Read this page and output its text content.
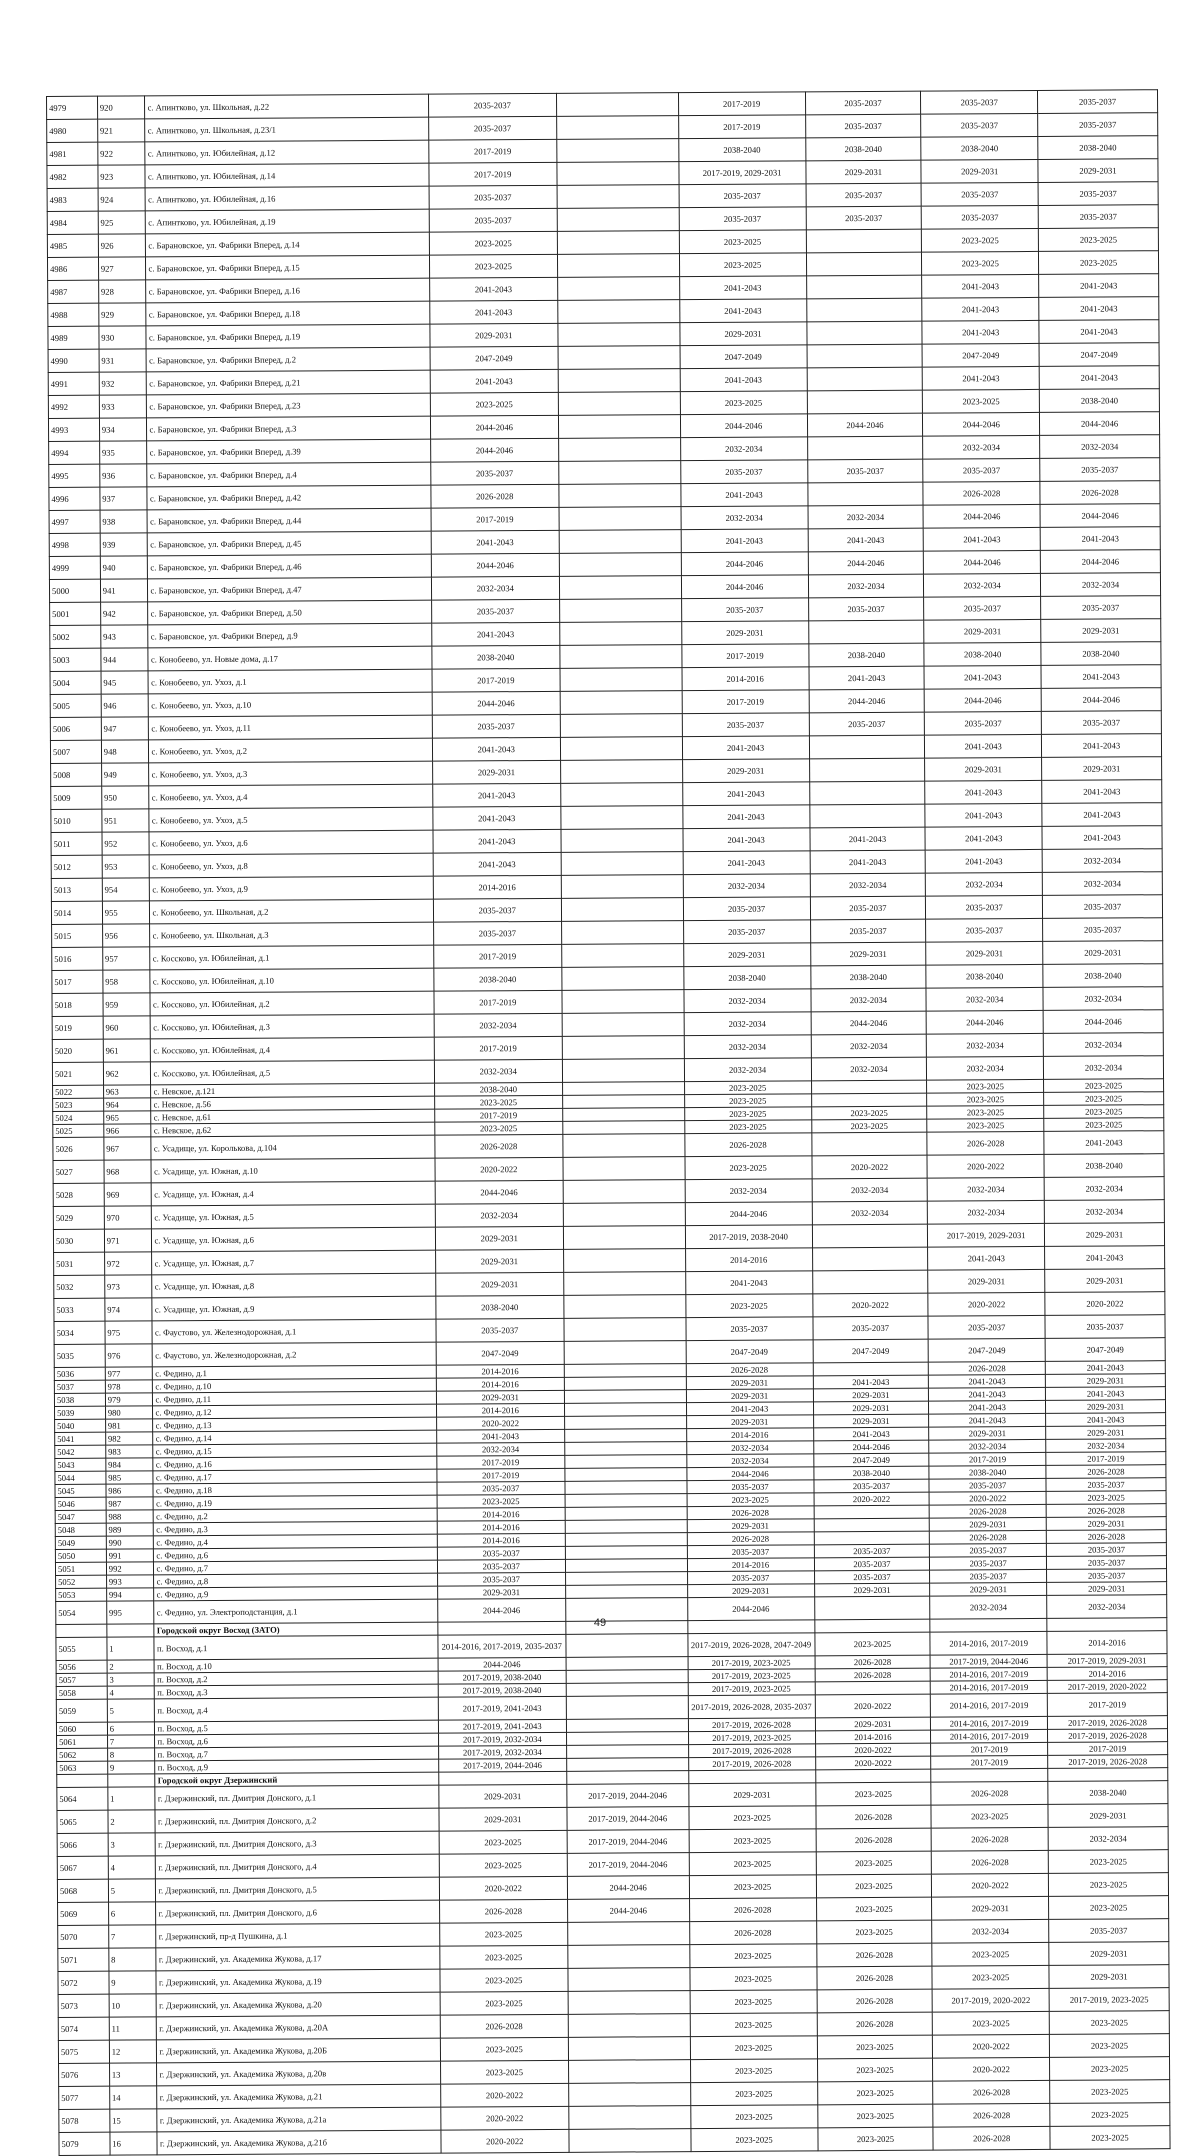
4979	920	с. Апинтково, ул. Школьная, д.22	2035-2037		2017-2019	2035-2037	2035-2037	2035-2037
4980	921	с. Апинтково, ул. Школьная, д.23/1	2035-2037		2017-2019	2035-2037	2035-2037	2035-2037
4981	922	с. Апинтково, ул. Юбилейная, д.12	2017-2019		2038-2040	2038-2040	2038-2040	2038-2040
4982	923	с. Апинтково, ул. Юбилейная, д.14	2017-2019		2017-2019, 2029-2031	2029-2031	2029-2031	2029-2031
4983	924	с. Апинтково, ул. Юбилейная, д.16	2035-2037		2035-2037	2035-2037	2035-2037	2035-2037
4984	925	с. Апинтково, ул. Юбилейная, д.19	2035-2037		2035-2037	2035-2037	2035-2037	2035-2037
4985	926	с. Барановское, ул. Фабрики Вперед, д.14	2023-2025		2023-2025		2023-2025	2023-2025
4986	927	с. Барановское, ул. Фабрики Вперед, д.15	2023-2025		2023-2025		2023-2025	2023-2025
4987	928	с. Барановское, ул. Фабрики Вперед, д.16	2041-2043		2041-2043		2041-2043	2041-2043
4988	929	с. Барановское, ул. Фабрики Вперед, д.18	2041-2043		2041-2043		2041-2043	2041-2043
4989	930	с. Барановское, ул. Фабрики Вперед, д.19	2029-2031		2029-2031		2041-2043	2041-2043
4990	931	с. Барановское, ул. Фабрики Вперед, д.2	2047-2049		2047-2049		2047-2049	2047-2049
4991	932	с. Барановское, ул. Фабрики Вперед, д.21	2041-2043		2041-2043		2041-2043	2041-2043
4992	933	с. Барановское, ул. Фабрики Вперед, д.23	2023-2025		2023-2025		2023-2025	2038-2040
4993	934	с. Барановское, ул. Фабрики Вперед, д.3	2044-2046		2044-2046	2044-2046	2044-2046	2044-2046
4994	935	с. Барановское, ул. Фабрики Вперед, д.39	2044-2046		2032-2034		2032-2034	2032-2034
4995	936	с. Барановское, ул. Фабрики Вперед, д.4	2035-2037		2035-2037	2035-2037	2035-2037	2035-2037
4996	937	с. Барановское, ул. Фабрики Вперед, д.42	2026-2028		2041-2043		2026-2028	2026-2028
4997	938	с. Барановское, ул. Фабрики Вперед, д.44	2017-2019		2032-2034	2032-2034	2044-2046	2044-2046
4998	939	с. Барановское, ул. Фабрики Вперед, д.45	2041-2043		2041-2043	2041-2043	2041-2043	2041-2043
4999	940	с. Барановское, ул. Фабрики Вперед, д.46	2044-2046		2044-2046	2044-2046	2044-2046	2044-2046
5000	941	с. Барановское, ул. Фабрики Вперед, д.47	2032-2034		2044-2046	2032-2034	2032-2034	2032-2034
5001	942	с. Барановское, ул. Фабрики Вперед, д.50	2035-2037		2035-2037	2035-2037	2035-2037	2035-2037
5002	943	с. Барановское, ул. Фабрики Вперед, д.9	2041-2043		2029-2031		2029-2031	2029-2031
5003	944	с. Конобеево, ул. Новые дома, д.17	2038-2040		2017-2019	2038-2040	2038-2040	2038-2040
5004	945	с. Конобеево, ул. Ухоз, д.1	2017-2019		2014-2016	2041-2043	2041-2043	2041-2043
5005	946	с. Конобеево, ул. Ухоз, д.10	2044-2046		2017-2019	2044-2046	2044-2046	2044-2046
5006	947	с. Конобеево, ул. Ухоз, д.11	2035-2037		2035-2037	2035-2037	2035-2037	2035-2037
5007	948	с. Конобеево, ул. Ухоз, д.2	2041-2043		2041-2043		2041-2043	2041-2043
5008	949	с. Конобеево, ул. Ухоз, д.3	2029-2031		2029-2031		2029-2031	2029-2031
5009	950	с. Конобеево, ул. Ухоз, д.4	2041-2043		2041-2043		2041-2043	2041-2043
5010	951	с. Конобеево, ул. Ухоз, д.5	2041-2043		2041-2043		2041-2043	2041-2043
5011	952	с. Конобеево, ул. Ухоз, д.6	2041-2043		2041-2043	2041-2043	2041-2043	2041-2043
5012	953	с. Конобеево, ул. Ухоз, д.8	2041-2043		2041-2043	2041-2043	2041-2043	2032-2034
5013	954	с. Конобеево, ул. Ухоз, д.9	2014-2016		2032-2034	2032-2034	2032-2034	2032-2034
5014	955	с. Конобеево, ул. Школьная, д.2	2035-2037		2035-2037	2035-2037	2035-2037	2035-2037
5015	956	с. Конобеево, ул. Школьная, д.3	2035-2037		2035-2037	2035-2037	2035-2037	2035-2037
5016	957	с. Коссково, ул. Юбилейная, д.1	2017-2019		2029-2031	2029-2031	2029-2031	2029-2031
5017	958	с. Коссково, ул. Юбилейная, д.10	2038-2040		2038-2040	2038-2040	2038-2040	2038-2040
5018	959	с. Коссково, ул. Юбилейная, д.2	2017-2019		2032-2034	2032-2034	2032-2034	2032-2034
5019	960	с. Коссково, ул. Юбилейная, д.3	2032-2034		2032-2034	2044-2046	2044-2046	2044-2046
5020	961	с. Коссково, ул. Юбилейная, д.4	2017-2019		2032-2034	2032-2034	2032-2034	2032-2034
5021	962	с. Коссково, ул. Юбилейная, д.5	2032-2034		2032-2034	2032-2034	2032-2034	2032-2034
5022	963	с. Невское, д.121	2038-2040		2023-2025		2023-2025	2023-2025
5023	964	с. Невское, д.56	2023-2025		2023-2025		2023-2025	2023-2025
5024	965	с. Невское, д.61	2017-2019		2023-2025	2023-2025	2023-2025	2023-2025
5025	966	с. Невское, д.62	2023-2025		2023-2025	2023-2025	2023-2025	2023-2025
5026	967	с. Усадище, ул. Королькова, д.104	2026-2028		2026-2028		2026-2028	2041-2043
5027	968	с. Усадище, ул. Южная, д.10	2020-2022		2023-2025	2020-2022	2020-2022	2038-2040
5028	969	с. Усадище, ул. Южная, д.4	2044-2046		2032-2034	2032-2034	2032-2034	2032-2034
5029	970	с. Усадище, ул. Южная, д.5	2032-2034		2044-2046	2032-2034	2032-2034	2032-2034
5030	971	с. Усадище, ул. Южная, д.6	2029-2031		2017-2019, 2038-2040		2017-2019, 2029-2031	2029-2031
5031	972	с. Усадище, ул. Южная, д.7	2029-2031		2014-2016		2041-2043	2041-2043
5032	973	с. Усадище, ул. Южная, д.8	2029-2031		2041-2043		2029-2031	2029-2031
5033	974	с. Усадище, ул. Южная, д.9	2038-2040		2023-2025	2020-2022	2020-2022	2020-2022
5034	975	с. Фаустово, ул. Железнодорожная, д.1	2035-2037		2035-2037	2035-2037	2035-2037	2035-2037
5035	976	с. Фаустово, ул. Железнодорожная, д.2	2047-2049		2047-2049	2047-2049	2047-2049	2047-2049
5036	977	с. Федино, д.1	2014-2016		2026-2028		2026-2028	2041-2043
5037	978	с. Федино, д.10	2014-2016		2029-2031	2041-2043	2041-2043	2029-2031
5038	979	с. Федино, д.11	2029-2031		2029-2031	2029-2031	2041-2043	2041-2043
5039	980	с. Федино, д.12	2014-2016		2041-2043	2029-2031	2041-2043	2029-2031
5040	981	с. Федино, д.13	2020-2022		2029-2031	2029-2031	2041-2043	2041-2043
5041	982	с. Федино, д.14	2041-2043		2014-2016	2041-2043	2029-2031	2029-2031
5042	983	с. Федино, д.15	2032-2034		2032-2034	2044-2046	2032-2034	2032-2034
5043	984	с. Федино, д.16	2017-2019		2032-2034	2047-2049	2017-2019	2017-2019
5044	985	с. Федино, д.17	2017-2019		2044-2046	2038-2040	2038-2040	2026-2028
5045	986	с. Федино, д.18	2035-2037		2035-2037	2035-2037	2035-2037	2035-2037
5046	987	с. Федино, д.19	2023-2025		2023-2025	2020-2022	2020-2022	2023-2025
5047	988	с. Федино, д.2	2014-2016		2026-2028		2026-2028	2026-2028
5048	989	с. Федино, д.3	2014-2016		2029-2031		2029-2031	2029-2031
5049	990	с. Федино, д.4	2014-2016		2026-2028		2026-2028	2026-2028
5050	991	с. Федино, д.6	2035-2037		2035-2037	2035-2037	2035-2037	2035-2037
5051	992	с. Федино, д.7	2035-2037		2014-2016	2035-2037	2035-2037	2035-2037
5052	993	с. Федино, д.8	2035-2037		2035-2037	2035-2037	2035-2037	2035-2037
5053	994	с. Федино, д.9	2029-2031		2029-2031	2029-2031	2029-2031	2029-2031
5054	995	с. Федино, ул. Электроподстанция, д.1	2044-2046		2044-2046		2032-2034	2032-2034
		Городской округ Восход (ЗАТО)						
5055	1	п. Восход, д.1	2014-2016, 2017-2019, 2035-2037		2017-2019, 2026-2028, 2047-2049	2023-2025	2014-2016, 2017-2019	2014-2016
5056	2	п. Восход, д.10	2044-2046		2017-2019, 2023-2025	2026-2028	2017-2019, 2044-2046	2017-2019, 2029-2031
5057	3	п. Восход, д.2	2017-2019, 2038-2040		2017-2019, 2023-2025	2026-2028	2014-2016, 2017-2019	2014-2016
5058	4	п. Восход, д.3	2017-2019, 2038-2040		2017-2019, 2023-2025		2014-2016, 2017-2019	2017-2019, 2020-2022
5059	5	п. Восход, д.4	2017-2019, 2041-2043		2017-2019, 2026-2028, 2035-2037	2020-2022	2014-2016, 2017-2019	2017-2019
5060	6	п. Восход, д.5	2017-2019, 2041-2043		2017-2019, 2026-2028	2029-2031	2014-2016, 2017-2019	2017-2019, 2026-2028
5061	7	п. Восход, д.6	2017-2019, 2032-2034		2017-2019, 2023-2025	2014-2016	2014-2016, 2017-2019	2017-2019, 2026-2028
5062	8	п. Восход, д.7	2017-2019, 2032-2034		2017-2019, 2026-2028	2020-2022	2017-2019	2017-2019
5063	9	п. Восход, д.9	2017-2019, 2044-2046		2017-2019, 2026-2028	2020-2022	2017-2019	2017-2019, 2026-2028
		Городской округ Дзержинский						
5064	1	г. Дзержинский, пл. Дмитрия Донского, д.1	2029-2031	2017-2019, 2044-2046	2029-2031	2023-2025	2026-2028	2038-2040
5065	2	г. Дзержинский, пл. Дмитрия Донского, д.2	2029-2031	2017-2019, 2044-2046	2023-2025	2026-2028	2023-2025	2029-2031
5066	3	г. Дзержинский, пл. Дмитрия Донского, д.3	2023-2025	2017-2019, 2044-2046	2023-2025	2026-2028	2026-2028	2032-2034
5067	4	г. Дзержинский, пл. Дмитрия Донского, д.4	2023-2025	2017-2019, 2044-2046	2023-2025	2023-2025	2026-2028	2023-2025
5068	5	г. Дзержинский, пл. Дмитрия Донского, д.5	2020-2022	2044-2046	2023-2025	2023-2025	2020-2022	2023-2025
5069	6	г. Дзержинский, пл. Дмитрия Донского, д.6	2026-2028	2044-2046	2026-2028	2023-2025	2029-2031	2023-2025
5070	7	г. Дзержинский, пр-д Пушкина, д.1	2023-2025		2026-2028	2023-2025	2032-2034	2035-2037
5071	8	г. Дзержинский, ул. Академика Жукова, д.17	2023-2025		2023-2025	2026-2028	2023-2025	2029-2031
5072	9	г. Дзержинский, ул. Академика Жукова, д.19	2023-2025		2023-2025	2026-2028	2023-2025	2029-2031
5073	10	г. Дзержинский, ул. Академика Жукова, д.20	2023-2025		2023-2025	2026-2028	2017-2019, 2020-2022	2017-2019, 2023-2025
5074	11	г. Дзержинский, ул. Академика Жукова, д.20А	2026-2028		2023-2025	2026-2028	2023-2025	2023-2025
5075	12	г. Дзержинский, ул. Академика Жукова, д.20Б	2023-2025		2023-2025	2023-2025	2020-2022	2023-2025
5076	13	г. Дзержинский, ул. Академика Жукова, д.20в	2023-2025		2023-2025	2023-2025	2020-2022	2023-2025
5077	14	г. Дзержинский, ул. Академика Жукова, д.21	2020-2022		2023-2025	2023-2025	2026-2028	2023-2025
5078	15	г. Дзержинский, ул. Академика Жукова, д.21а	2020-2022		2023-2025	2023-2025	2026-2028	2023-2025
5079	16	г. Дзержинский, ул. Академика Жукова, д.21б	2020-2022		2023-2025	2023-2025	2026-2028	2023-2025
49
